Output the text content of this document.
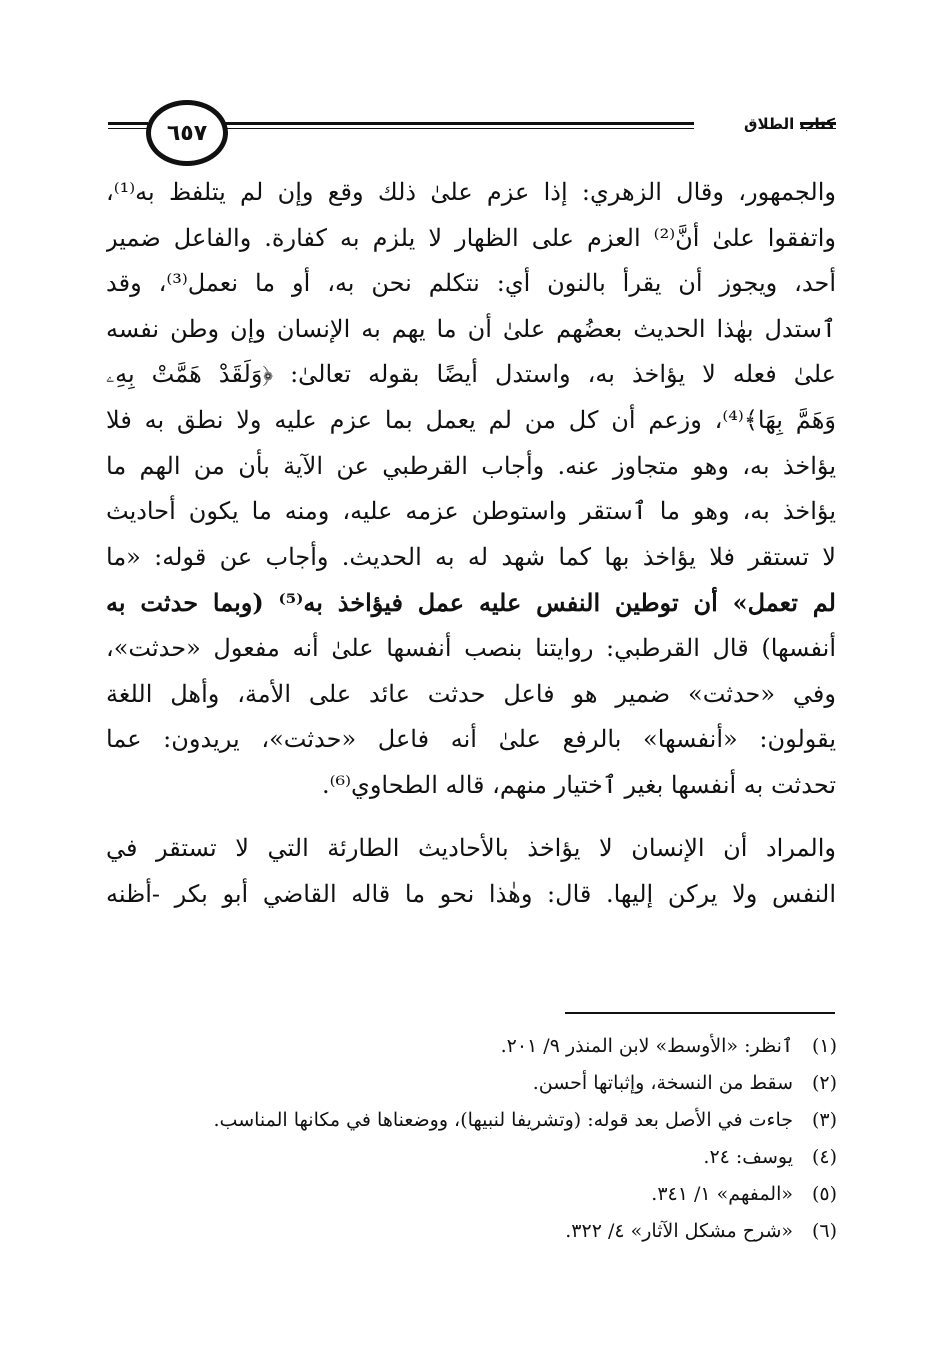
٦٥٧	كتاب الطلاق
والجمهور، وقال الزهري: إذا عزم علىٰ ذلك وقع وإن لم يتلفظ به⁽¹⁾،
واتفقوا علىٰ أنَّ⁽²⁾ العزم على الظهار لا يلزم به كفارة. والفاعل ضمير
أحد، ويجوز أن يقرأ بالنون أي: نتكلم نحن به، أو ما نعمل⁽³⁾، وقد
ٱستدل بهٰذا الحديث بعضُهم علىٰ أن ما يهم به الإنسان وإن وطن نفسه
علىٰ فعله لا يؤاخذ به، واستدل أيضًا بقوله تعالىٰ: ﴿وَلَقَدْ هَمَّتْ بِهِۦ
وَهَمَّ بِهَا﴾⁽⁴⁾، وزعم أن كل من لم يعمل بما عزم عليه ولا نطق به فلا
يؤاخذ به، وهو متجاوز عنه. وأجاب القرطبي عن الآية بأن من الهم ما
يؤاخذ به، وهو ما ٱستقر واستوطن عزمه عليه، ومنه ما يكون أحاديث
لا تستقر فلا يؤاخذ بها كما شهد له به الحديث. وأجاب عن قوله: «ما
لم تعمل» أن توطين النفس عليه عمل فيؤاخذ به⁽⁵⁾ (وبما حدثت به
أنفسها) قال القرطبي: روايتنا بنصب أنفسها علىٰ أنه مفعول «حدثت»،
وفي «حدثت» ضمير هو فاعل حدثت عائد على الأمة، وأهل اللغة
يقولون: «أنفسها» بالرفع علىٰ أنه فاعل «حدثت»، يريدون: عما
تحدثت به أنفسها بغير ٱختيار منهم، قاله الطحاوي⁽⁶⁾.
والمراد أن الإنسان لا يؤاخذ بالأحاديث الطارئة التي لا تستقر في
النفس ولا يركن إليها. قال: وهٰذا نحو ما قاله القاضي أبو بكر -أظنه
(١)
ٱنظر: «الأوسط» لابن المنذر ٩/ ٢٠١.
(٢)
سقط من النسخة، وإثباتها أحسن.
(٣)
جاءت في الأصل بعد قوله: (وتشريفا لنبيها)، ووضعناها في مكانها المناسب.
(٤)
يوسف: ٢٤.
(٥)
«المفهم» ١/ ٣٤١.
(٦)
«شرح مشكل الآثار» ٤/ ٣٢٢.
